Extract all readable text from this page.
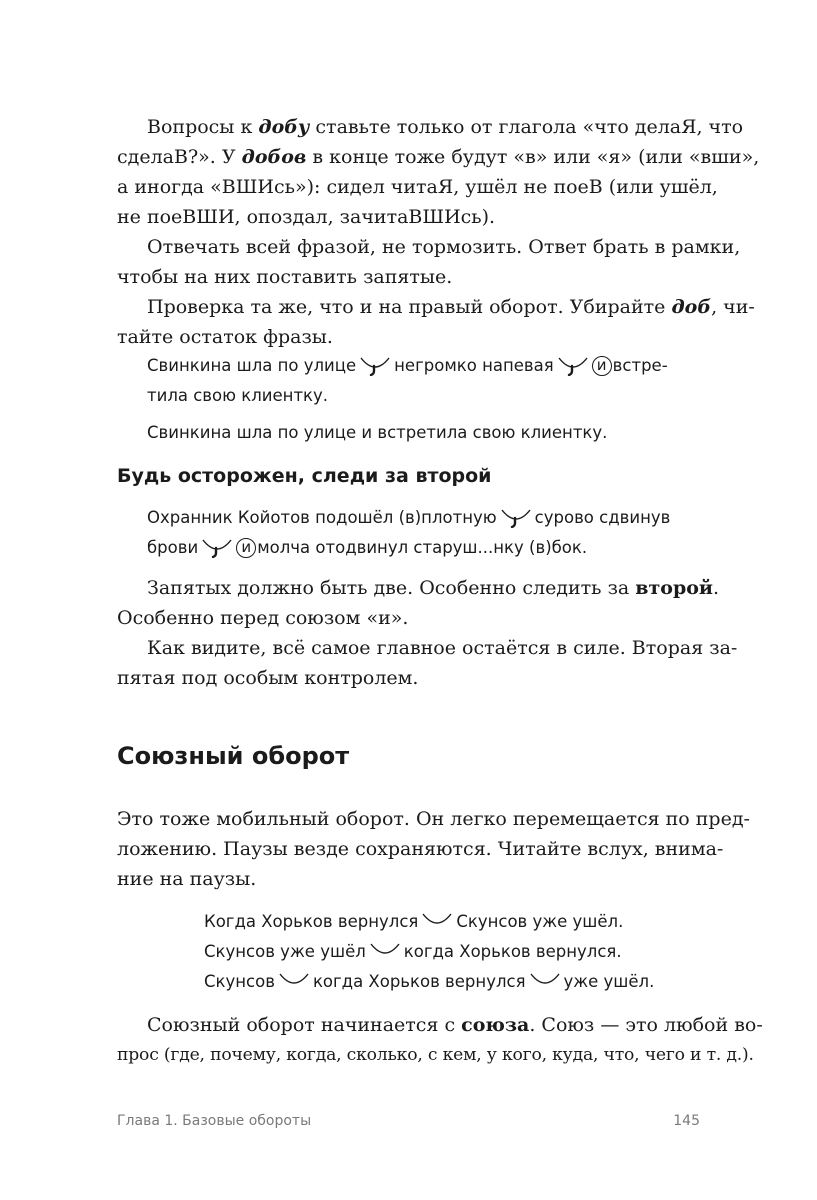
Вопросы к добу ставьте только от глагола «что делаЯ, что
сделаВ?». У добов в конце тоже будут «в» или «я» (или «вши»,
а иногда «ВШИсь»): сидел читаЯ, ушёл не поеВ (или ушёл,
не поеВШИ, опоздал, зачитаВШИсь).
Отвечать всей фразой, не тормозить. Ответ брать в рамки,
чтобы на них поставить запятые.
Проверка та же, что и на правый оборот. Убирайте доб, чи-
тайте остаток фразы.
Свинкина шла по улице негромко напевая	и встре-
тила свою клиентку.
Свинкина шла по улице и встретила свою клиентку.
Будь осторожен, следи за второй
Охранник Койотов подошёл (в)плотную сурово сдвинув
брови	и молча отодвинул старуш...нку (в)бок.
Запятых должно быть две. Особенно следить за второй.
Особенно перед союзом «и».
Как видите, всё самое главное остаётся в силе. Вторая за-
пятая под особым контролем.
Союзный оборот
Это тоже мобильный оборот. Он легко перемещается по пред-
ложению. Паузы везде сохраняются. Читайте вслух, внима-
ние на паузы.
Когда Хорьков вернулся Скунсов уже ушёл.
Скунсов уже ушёл когда Хорьков вернулся.
Скунсов когда Хорьков вернулся уже ушёл.
Союзный оборот начинается с союза. Союз — это любой во-
прос (где, почему, когда, сколько, с кем, у кого, куда, что, чего и т. д.).
Глава 1. Базовые обороты	145
